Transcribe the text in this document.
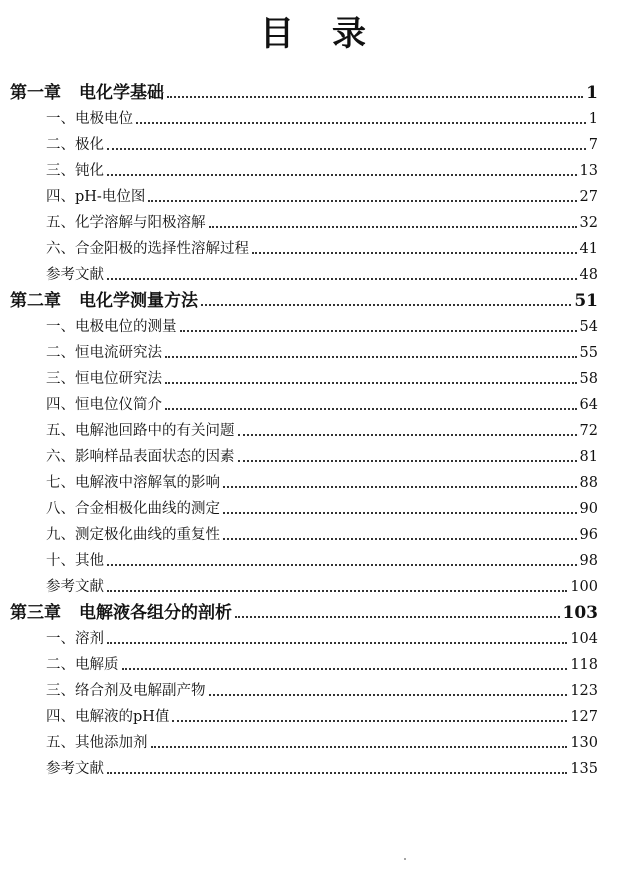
目录
第一章 电化学基础	1
一、电极电位	1
二、极化	7
三、钝化	13
四、pH-电位图	27
五、化学溶解与阳极溶解	32
六、合金阳极的选择性溶解过程	41
参考文献	48
第二章 电化学测量方法	51
一、电极电位的测量	54
二、恒电流研究法	55
三、恒电位研究法	58
四、恒电位仪简介	64
五、电解池回路中的有关问题	72
六、影响样品表面状态的因素	81
七、电解液中溶解氧的影响	88
八、合金相极化曲线的测定	90
九、测定极化曲线的重复性	96
十、其他	98
参考文献	100
第三章 电解液各组分的剖析	103
一、溶剂	104
二、电解质	118
三、络合剂及电解副产物	123
四、电解液的pH值	127
五、其他添加剂	130
参考文献	135
